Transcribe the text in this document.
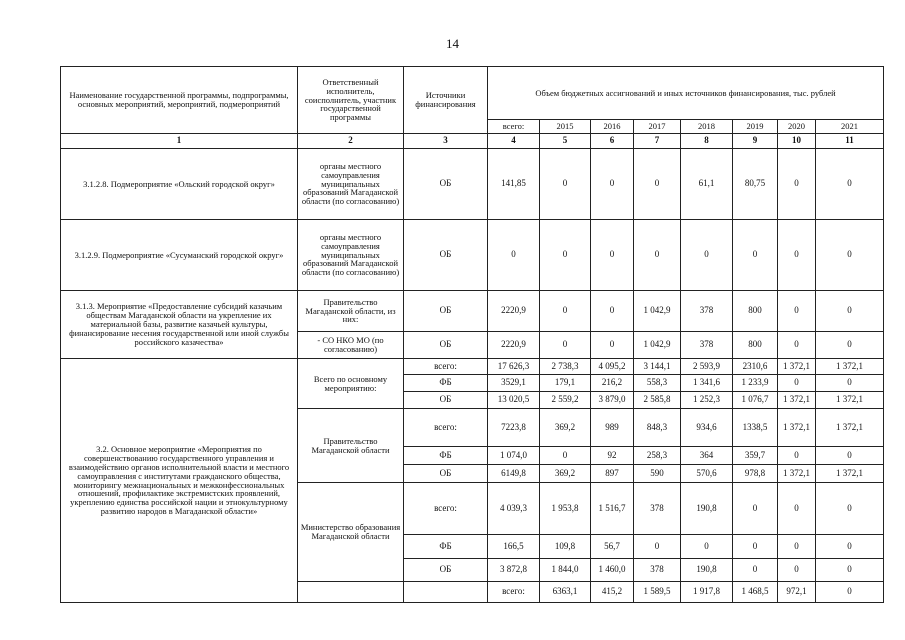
14
Наименование государственной программы, подпрограммы, основных мероприятий, мероприятий, подмероприятий	Ответственный исполнитель, соисполнитель, участник государственной программы	Источники финансирования	Объем бюджетных ассигнований и иных источников финансирования, тыс. рублей								
			всего:	2015	2016	2017	2018	2019	2020	2021	
1	2	3	4	5	6	7	8	9	10	11	
3.1.2.8. Подмероприятие «Ольский городской округ»	органы местного самоуправления муниципальных образований Магаданской области (по согласованию)	ОБ	141,85	0	0	0	61,1	80,75	0	0	
3.1.2.9. Подмероприятие «Сусуманский городской округ»	органы местного самоуправления муниципальных образований Магаданской области (по согласованию)	ОБ	0	0	0	0	0	0	0	0	
3.1.3. Мероприятие «Предоставление субсидий казачьим обществам Магаданской области на укрепление их материальной базы, развитие казачьей культуры, финансирование несения государственной или иной службы российского казачества»	Правительство Магаданской области, из них:	ОБ	2220,9	0	0	1 042,9	378	800	0	0	
	- СО НКО МО (по согласованию)	ОБ	2220,9	0	0	1 042,9	378	800	0	0	
3.2. Основное мероприятие «Мероприятия по совершенствованию государственного управления и взаимодействию органов исполнительной власти и местного самоуправления с институтами гражданского общества, мониторингу межнациональных и межконфессиональных отношений, профилактике экстремистских проявлений, укреплению единства российской нации и этнокультурному развитию народов в Магаданской области»	Всего по основному мероприятию:	всего:	17 626,3	2 738,3	4 095,2	3 144,1	2 593,9	2310,6	1 372,1	1 372,1	
		ФБ	3529,1	179,1	216,2	558,3	1 341,6	1 233,9	0	0	
		ОБ	13 020,5	2 559,2	3 879,0	2 585,8	1 252,3	1 076,7	1 372,1	1 372,1	
	Правительство Магаданской области	всего:	7223,8	369,2	989	848,3	934,6	1338,5	1 372,1	1 372,1	
		ФБ	1 074,0	0	92	258,3	364	359,7	0	0	
		ОБ	6149,8	369,2	897	590	570,6	978,8	1 372,1	1 372,1	
	Министерство образования Магаданской области	всего:	4 039,3	1 953,8	1 516,7	378	190,8	0	0	0	
		ФБ	166,5	109,8	56,7	0	0	0	0	0	
		ОБ	3 872,8	1 844,0	1 460,0	378	190,8	0	0	0	
			всего:	6363,1	415,2	1 589,5	1 917,8	1 468,5	972,1	0	
